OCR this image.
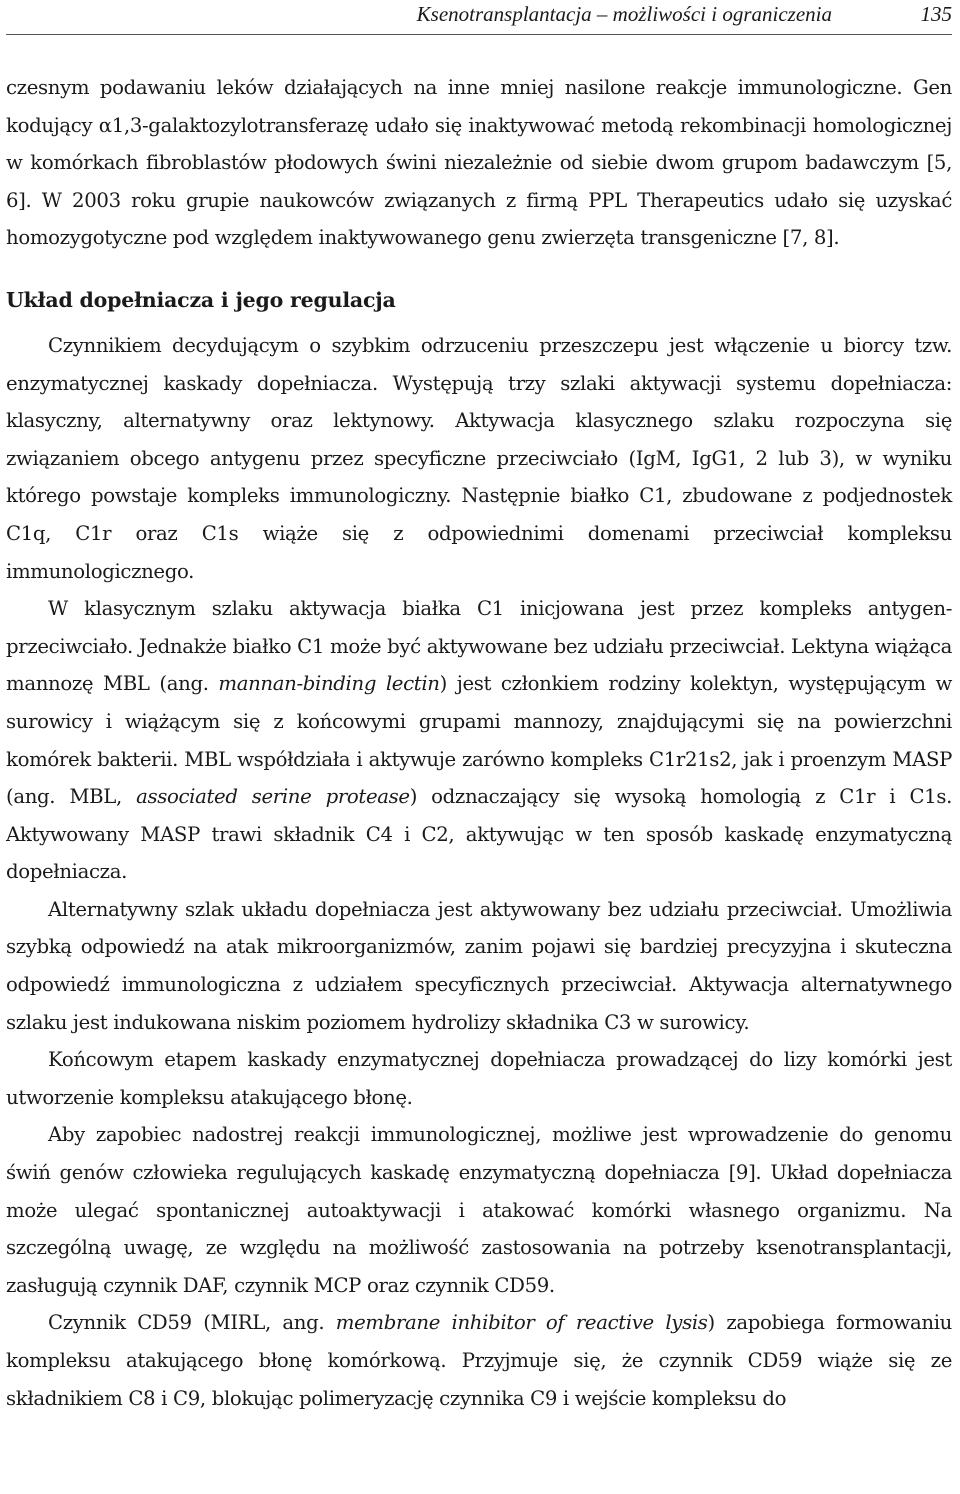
Ksenotransplantacja – możliwości i ograniczenia	135

czesnym podawaniu leków działających na inne mniej nasilone reakcje immunologiczne. Gen kodujący α1,3-galaktozylotransferazę udało się inaktywować metodą rekombinacji homologicznej w komórkach fibroblastów płodowych świni niezależnie od siebie dwom grupom badawczym [5, 6]. W 2003 roku grupie naukowców związanych z firmą PPL Therapeutics udało się uzyskać homozygotyczne pod względem inaktywowanego genu zwierzęta transgeniczne [7, 8].

Układ dopełniacza i jego regulacja

Czynnikiem decydującym o szybkim odrzuceniu przeszczepu jest włączenie u biorcy tzw. enzymatycznej kaskady dopełniacza. Występują trzy szlaki aktywacji systemu dopełniacza: klasyczny, alternatywny oraz lektynowy. Aktywacja klasycznego szlaku rozpoczyna się związaniem obcego antygenu przez specyficzne przeciwciało (IgM, IgG1, 2 lub 3), w wyniku którego powstaje kompleks immunologiczny. Następnie białko C1, zbudowane z podjednostek C1q, C1r oraz C1s wiąże się z odpowiednimi domenami przeciwciał kompleksu immunologicznego.

W klasycznym szlaku aktywacja białka C1 inicjowana jest przez kompleks antygen-przeciwciało. Jednakże białko C1 może być aktywowane bez udziału przeciwciał. Lektyna wiążąca mannozę MBL (ang. mannan-binding lectin) jest członkiem rodziny kolektyn, występującym w surowicy i wiążącym się z końcowymi grupami mannozy, znajdującymi się na powierzchni komórek bakterii. MBL współdziała i aktywuje zarówno kompleks C1r21s2, jak i proenzym MASP (ang. MBL, associated serine protease) odznaczający się wysoką homologią z C1r i C1s. Aktywowany MASP trawi składnik C4 i C2, aktywując w ten sposób kaskadę enzymatyczną dopełniacza.

Alternatywny szlak układu dopełniacza jest aktywowany bez udziału przeciwciał. Umożliwia szybką odpowiedź na atak mikroorganizmów, zanim pojawi się bardziej precyzyjna i skuteczna odpowiedź immunologiczna z udziałem specyficznych przeciwciał. Aktywacja alternatywnego szlaku jest indukowana niskim poziomem hydrolizy składnika C3 w surowicy.

Końcowym etapem kaskady enzymatycznej dopełniacza prowadzącej do lizy komórki jest utworzenie kompleksu atakującego błonę.

Aby zapobiec nadostrej reakcji immunologicznej, możliwe jest wprowadzenie do genomu świń genów człowieka regulujących kaskadę enzymatyczną dopełniacza [9]. Układ dopełniacza może ulegać spontanicznej autoaktywacji i atakować komórki własnego organizmu. Na szczególną uwagę, ze względu na możliwość zastosowania na potrzeby ksenotransplantacji, zasługują czynnik DAF, czynnik MCP oraz czynnik CD59.

Czynnik CD59 (MIRL, ang. membrane inhibitor of reactive lysis) zapobiega formowaniu kompleksu atakującego błonę komórkową. Przyjmuje się, że czynnik CD59 wiąże się ze składnikiem C8 i C9, blokując polimeryzację czynnika C9 i wejście kompleksu do
